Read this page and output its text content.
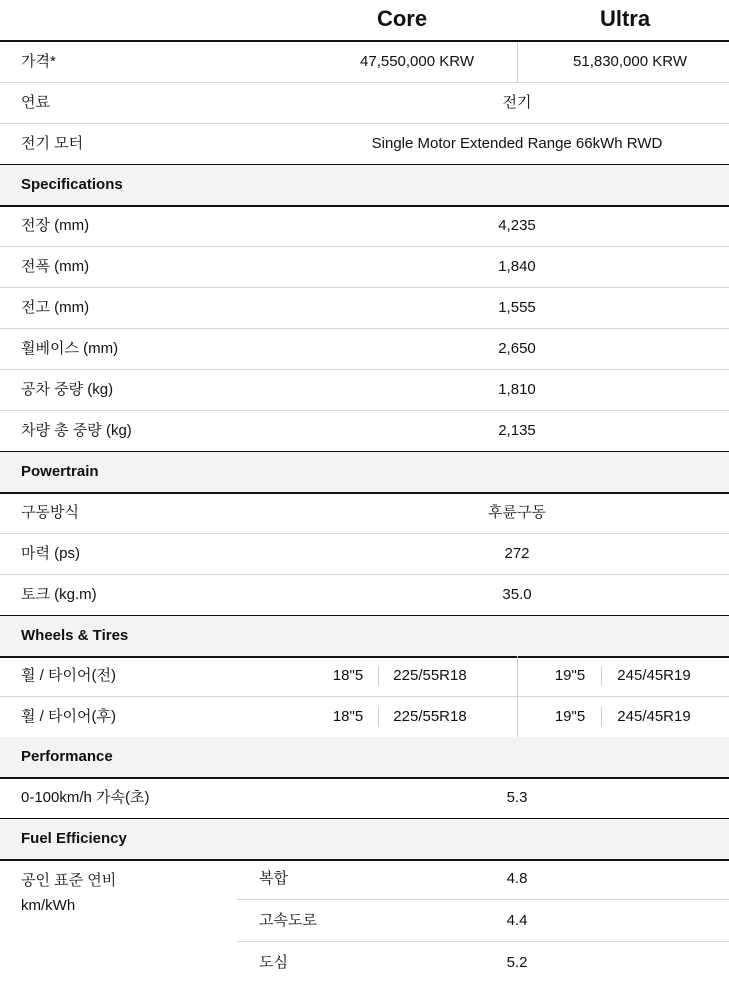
Core	Ultra
가격*	47,550,000 KRW	51,830,000 KRW
연료	전기
전기 모터	Single Motor Extended Range 66kWh RWD
Specifications
전장 (mm)	4,235
전폭 (mm)	1,840
전고 (mm)	1,555
휠베이스 (mm)	2,650
공차 중량 (kg)	1,810
차량 총 중량 (kg)	2,135
Powertrain
구동방식	후륜구동
마력 (ps)	272
토크 (kg.m)	35.0
Wheels & Tires
휠 / 타이어(전)	18"5	225/55R18	19"5	245/45R19
휠 / 타이어(후)	18"5	225/55R18	19"5	245/45R19
Performance
0-100km/h 가속(초)	5.3
Fuel Efficiency
공인 표준 연비
km/kWh
복합	4.8
고속도로	4.4
도심	5.2
